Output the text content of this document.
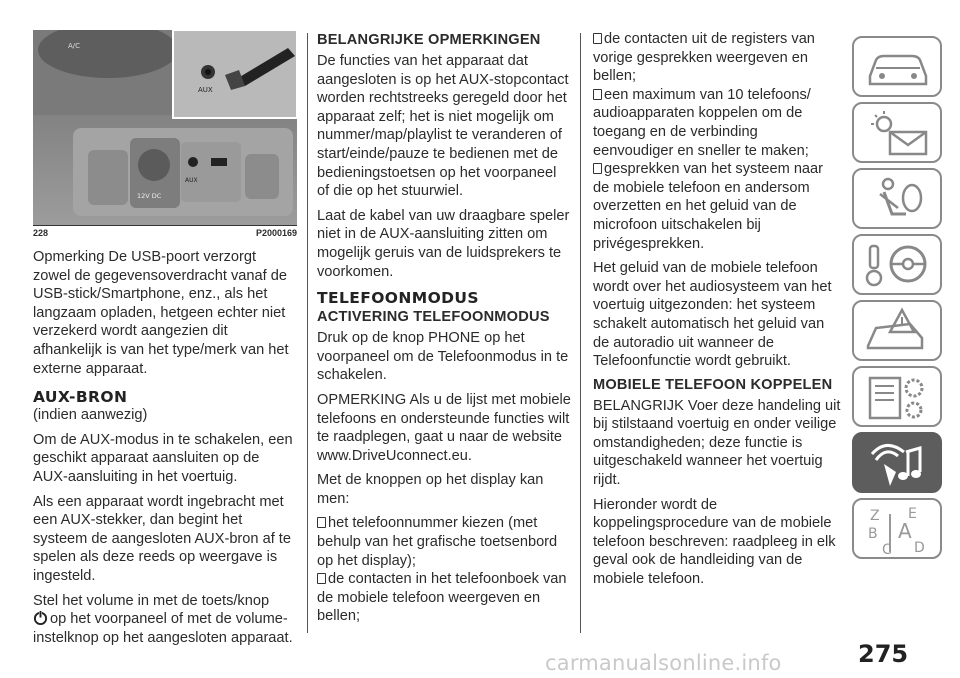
A/C
AUX
12V DC
AUX
228	P2000169

Opmerking De USB-poort verzorgt zowel de gegevensoverdracht vanaf de USB-stick/Smartphone, enz., als het langzaam opladen, hetgeen echter niet verzekerd wordt aangezien dit afhankelijk is van het type/merk van het externe apparaat.

AUX-BRON

(indien aanwezig)

Om de AUX-modus in te schakelen, een geschikt apparaat aansluiten op de AUX-aansluiting in het voertuig.

Als een apparaat wordt ingebracht met een AUX-stekker, dan begint het systeem de aangesloten AUX-bron af te spelen als deze reeds op weergave is ingesteld.

Stel het volume in met de toets/knop
op het voorpaneel of met de volume-instelknop op het aangesloten apparaat.

BELANGRIJKE OPMERKINGEN

De functies van het apparaat dat aangesloten is op het AUX-stopcontact worden rechtstreeks geregeld door het apparaat zelf; het is niet mogelijk om nummer/map/playlist te veranderen of start/einde/pauze te bedienen met de bedieningstoetsen op het voorpaneel of die op het stuurwiel.

Laat de kabel van uw draagbare speler niet in de AUX-aansluiting zitten om mogelijk geruis van de luidsprekers te voorkomen.

TELEFOONMODUS
ACTIVERING TELEFOONMODUS

Druk op de knop PHONE op het voorpaneel om de Telefoonmodus in te schakelen.

OPMERKING Als u de lijst met mobiele telefoons en ondersteunde functies wilt te raadplegen, gaat u naar de website www.DriveUconnect.eu.

Met de knoppen op het display kan men:

het telefoonnummer kiezen (met behulp van het grafische toetsenbord op het display);

de contacten in het telefoonboek van de mobiele telefoon weergeven en bellen;

de contacten uit de registers van vorige gesprekken weergeven en bellen;

een maximum van 10 telefoons/ audioapparaten koppelen om de toegang en de verbinding eenvoudiger en sneller te maken;

gesprekken van het systeem naar de mobiele telefoon en andersom overzetten en het geluid van de microfoon uitschakelen bij privégesprekken.

Het geluid van de mobiele telefoon wordt over het audiosysteem van het voertuig uitgezonden: het systeem schakelt automatisch het geluid van de autoradio uit wanneer de Telefoonfunctie wordt gebruikt.

MOBIELE TELEFOON KOPPELEN

BELANGRIJK Voer deze handeling uit bij stilstaand voertuig en onder veilige omstandigheden; deze functie is uitgeschakeld wanneer het voertuig rijdt.

Hieronder wordt de koppelingsprocedure van de mobiele telefoon beschreven: raadpleeg in elk geval ook de handleiding van de mobiele telefoon.

Z E
B A
C D
275
carmanualsonline.info
